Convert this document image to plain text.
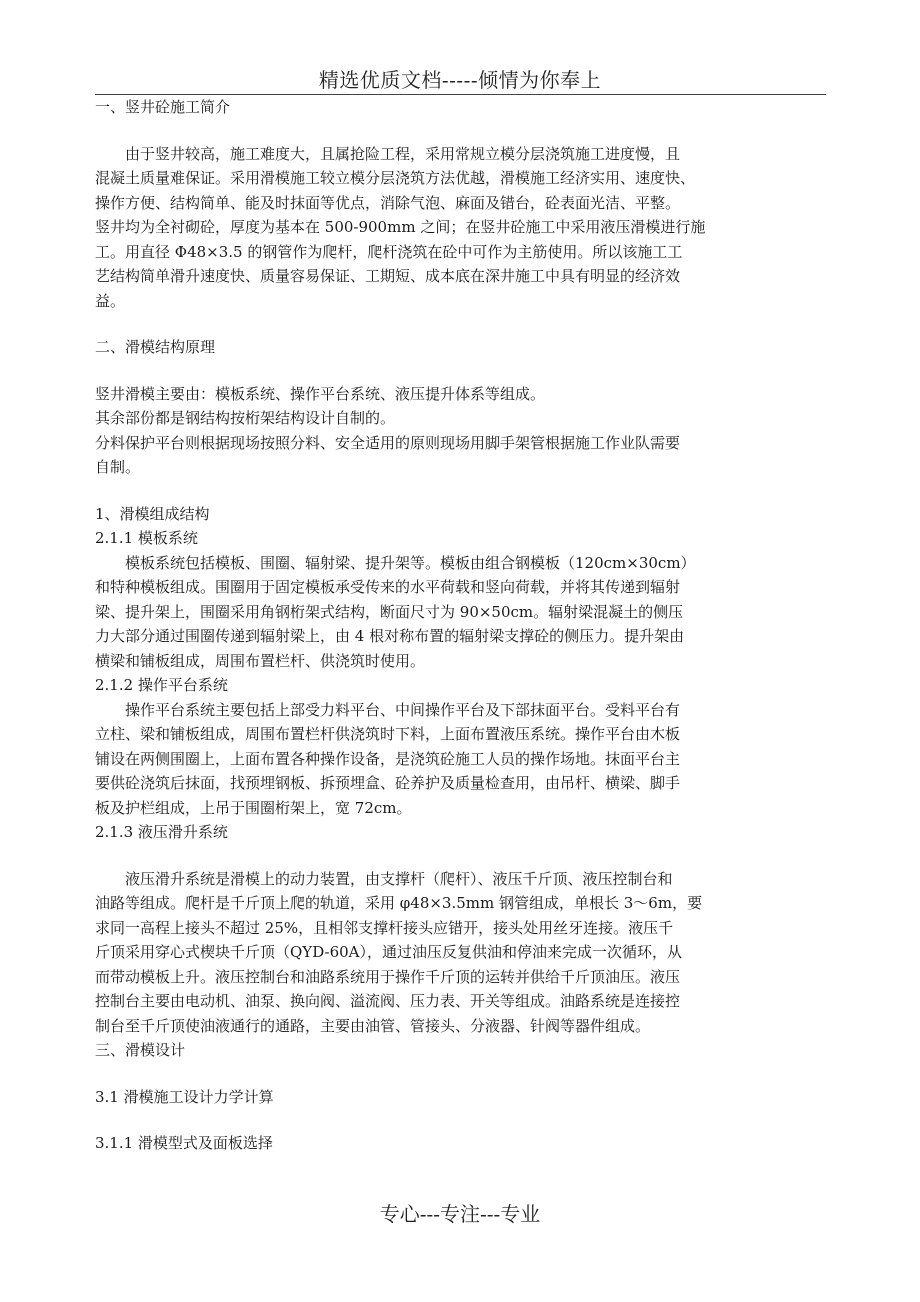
精选优质文档-----倾情为你奉上
一、竖井砼施工简介
由于竖井较高，施工难度大，且属抢险工程，采用常规立模分层浇筑施工进度慢，且
混凝土质量难保证。采用滑模施工较立模分层浇筑方法优越，滑模施工经济实用、速度快、
操作方便、结构简单、能及时抹面等优点，消除气泡、麻面及错台，砼表面光洁、平整。
竖井均为全衬砌砼，厚度为基本在 500-900mm 之间；在竖井砼施工中采用液压滑模进行施
工。用直径 Φ48×3.5 的钢管作为爬杆，爬杆浇筑在砼中可作为主筋使用。所以该施工工
艺结构简单滑升速度快、质量容易保证、工期短、成本底在深井施工中具有明显的经济效
益。
二、滑模结构原理
竖井滑模主要由：模板系统、操作平台系统、液压提升体系等组成。
其余部份都是钢结构按桁架结构设计自制的。
分料保护平台则根据现场按照分料、安全适用的原则现场用脚手架管根据施工作业队需要
自制。
1、滑模组成结构
2.1.1 模板系统
模板系统包括模板、围圈、辐射梁、提升架等。模板由组合钢模板（120cm×30cm）
和特种模板组成。围圈用于固定模板承受传来的水平荷载和竖向荷载，并将其传递到辐射
梁、提升架上，围圈采用角钢桁架式结构，断面尺寸为 90×50cm。辐射梁混凝土的侧压
力大部分通过围圈传递到辐射梁上，由 4 根对称布置的辐射梁支撑砼的侧压力。提升架由
横梁和铺板组成，周围布置栏杆、供浇筑时使用。
2.1.2 操作平台系统
操作平台系统主要包括上部受力料平台、中间操作平台及下部抹面平台。受料平台有
立柱、梁和铺板组成，周围布置栏杆供浇筑时下料，上面布置液压系统。操作平台由木板
铺设在两侧围圈上，上面布置各种操作设备，是浇筑砼施工人员的操作场地。抹面平台主
要供砼浇筑后抹面，找预埋钢板、拆预埋盒、砼养护及质量检查用，由吊杆、横梁、脚手
板及护栏组成，上吊于围圈桁架上，宽 72cm。
2.1.3 液压滑升系统
液压滑升系统是滑模上的动力装置，由支撑杆（爬杆）、液压千斤顶、液压控制台和
油路等组成。爬杆是千斤顶上爬的轨道，采用 φ48×3.5mm 钢管组成，单根长 3～6m，要
求同一高程上接头不超过 25%，且相邻支撑杆接头应错开，接头处用丝牙连接。液压千
斤顶采用穿心式楔块千斤顶（QYD-60A），通过油压反复供油和停油来完成一次循环，从
而带动模板上升。液压控制台和油路系统用于操作千斤顶的运转并供给千斤顶油压。液压
控制台主要由电动机、油泵、换向阀、溢流阀、压力表、开关等组成。油路系统是连接控
制台至千斤顶使油液通行的通路，主要由油管、管接头、分液器、针阀等器件组成。
三、滑模设计
3.1 滑模施工设计力学计算
3.1.1 滑模型式及面板选择
专心---专注---专业
